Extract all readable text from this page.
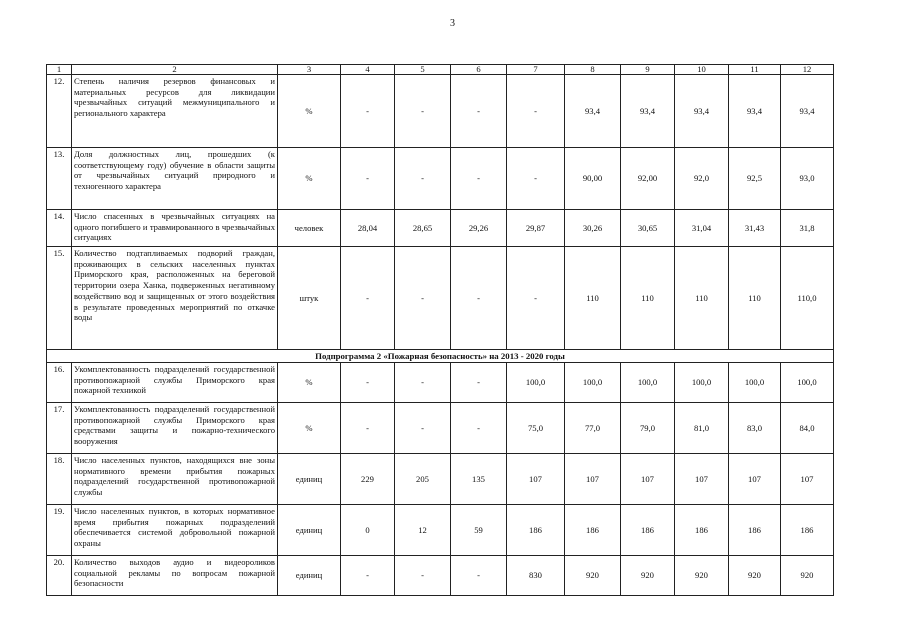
3
1	2	3	4	5	6	7	8	9	10	11	12
12.	Степень наличия резервов финансовых и материальных ресурсов для ликвидации чрезвычайных ситуаций межмуниципального и регионального характера	%	-	-	-	-	93,4	93,4	93,4	93,4	93,4
13.	Доля должностных лиц, прошедших (к соответствующему году) обучение в области защиты от чрезвычайных ситуаций природного и техногенного характера	%	-	-	-	-	90,00	92,00	92,0	92,5	93,0
14.	Число спасенных в чрезвычайных ситуациях на одного погибшего и травмированного в чрезвычайных ситуациях	человек	28,04	28,65	29,26	29,87	30,26	30,65	31,04	31,43	31,8
15.	Количество подтапливаемых подворий граждан, проживающих в сельских населенных пунктах Приморского края, расположенных на береговой территории озера Ханка, подверженных негативному воздействию вод и защищенных от этого воздействия в результате проведенных мероприятий по откачке воды	штук	-	-	-	-	110	110	110	110	110,0
Подпрограмма 2 «Пожарная безопасность» на 2013 - 2020 годы											
16.	Укомплектованность подразделений государственной противопожарной службы Приморского края пожарной техникой	%	-	-	-	100,0	100,0	100,0	100,0	100,0	100,0
17.	Укомплектованность подразделений государственной противопожарной службы Приморского края средствами защиты и пожарно-технического вооружения	%	-	-	-	75,0	77,0	79,0	81,0	83,0	84,0
18.	Число населенных пунктов, находящихся вне зоны нормативного времени прибытия пожарных подразделений государственной противопожарной службы	единиц	229	205	135	107	107	107	107	107	107
19.	Число населенных пунктов, в которых нормативное время прибытия пожарных подразделений обеспечивается системой добровольной пожарной охраны	единиц	0	12	59	186	186	186	186	186	186
20.	Количество выходов аудио и видеороликов социальной рекламы по вопросам пожарной безопасности	единиц	-	-	-	830	920	920	920	920	920
